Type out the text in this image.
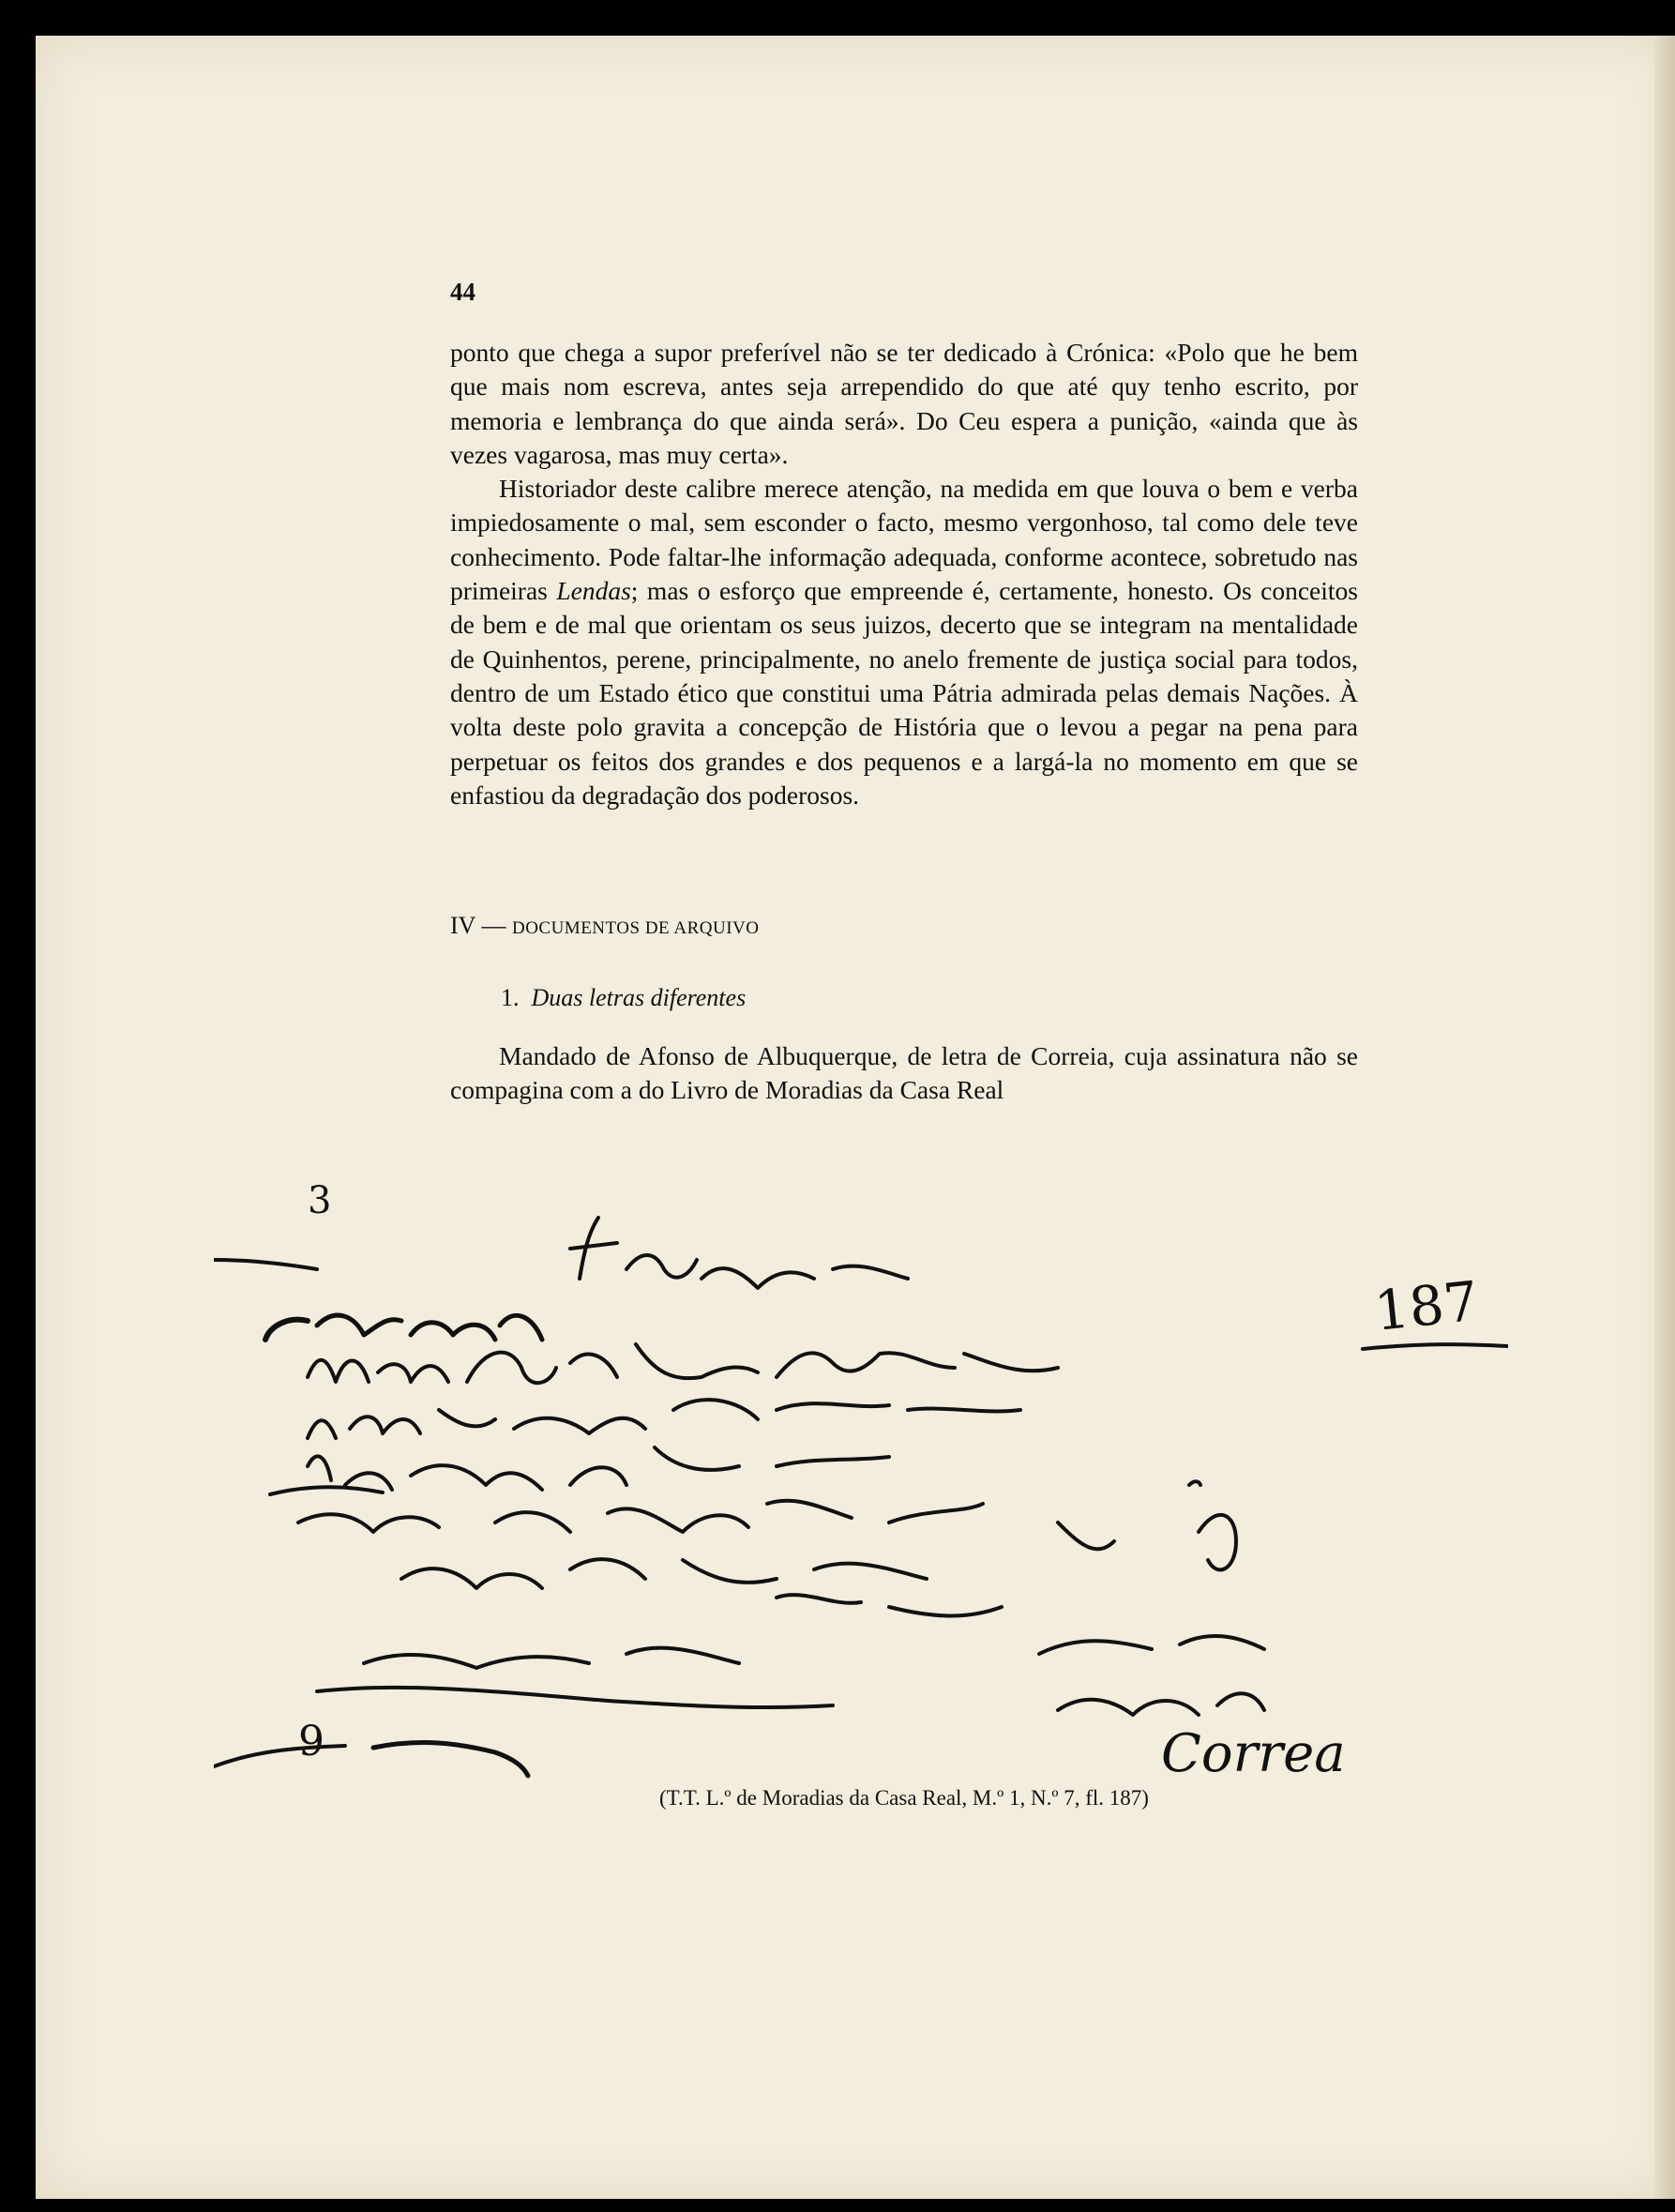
44

ponto que chega a supor preferível não se ter dedicado à Crónica: «Polo que he bem que mais nom escreva, antes seja arrependido do que até quy tenho escrito, por memoria e lembrança do que ainda será». Do Ceu espera a punição, «ainda que às vezes vagarosa, mas muy certa».

Historiador deste calibre merece atenção, na medida em que louva o bem e verba impiedosamente o mal, sem esconder o facto, mesmo vergonhoso, tal como dele teve conhecimento. Pode faltar-lhe informação adequada, conforme acontece, sobretudo nas primeiras Lendas; mas o esforço que empreende é, certamente, honesto. Os conceitos de bem e de mal que orientam os seus juizos, decerto que se integram na mentalidade de Quinhentos, perene, principalmente, no anelo fremente de justiça social para todos, dentro de um Estado ético que constitui uma Pátria admirada pelas demais Nações. À volta deste polo gravita a concepção de História que o levou a pegar na pena para perpetuar os feitos dos grandes e dos pequenos e a largá-la no momento em que se enfastiou da degradação dos poderosos.

IV — DOCUMENTOS DE ARQUIVO
1. Duas letras diferentes
Mandado de Afonso de Albuquerque, de letra de Correia, cuja assinatura não se compagina com a do Livro de Moradias da Casa Real
3
187
9	Correa
(T.T. L.º de Moradias da Casa Real, M.º 1, N.º 7, fl. 187)
